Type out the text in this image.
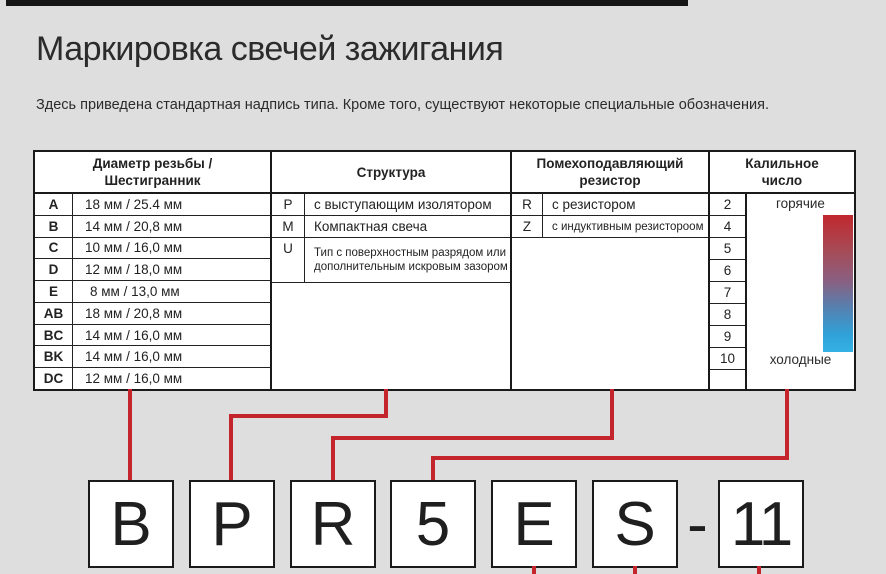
Маркировка свечей зажигания
Здесь приведена стандартная надпись типа. Кроме того, существуют некоторые специальные обозначения.
Диаметр резьбы /
Шестигранник
A	18 мм / 25.4 мм
B	14 мм / 20,8 мм
C	10 мм / 16,0 мм
D	12 мм / 18,0 мм
E	8 мм / 13,0 мм
AB	18 мм / 20,8 мм
BC	14 мм / 16,0 мм
BK	14 мм / 16,0 мм
DC	12 мм / 16,0 мм
Структура
P	с выступающим изолятором
M	Компактная свеча
U	Тип с поверхностным разрядом или
дополнительным искровым зазором
Помехоподавляющий
резистор
R	с резистором
Z	с индуктивным резистороом
Калильное
число
2
4
5
6
7
8
9
10
горячие
холодные
B P R 5	E S - 11
